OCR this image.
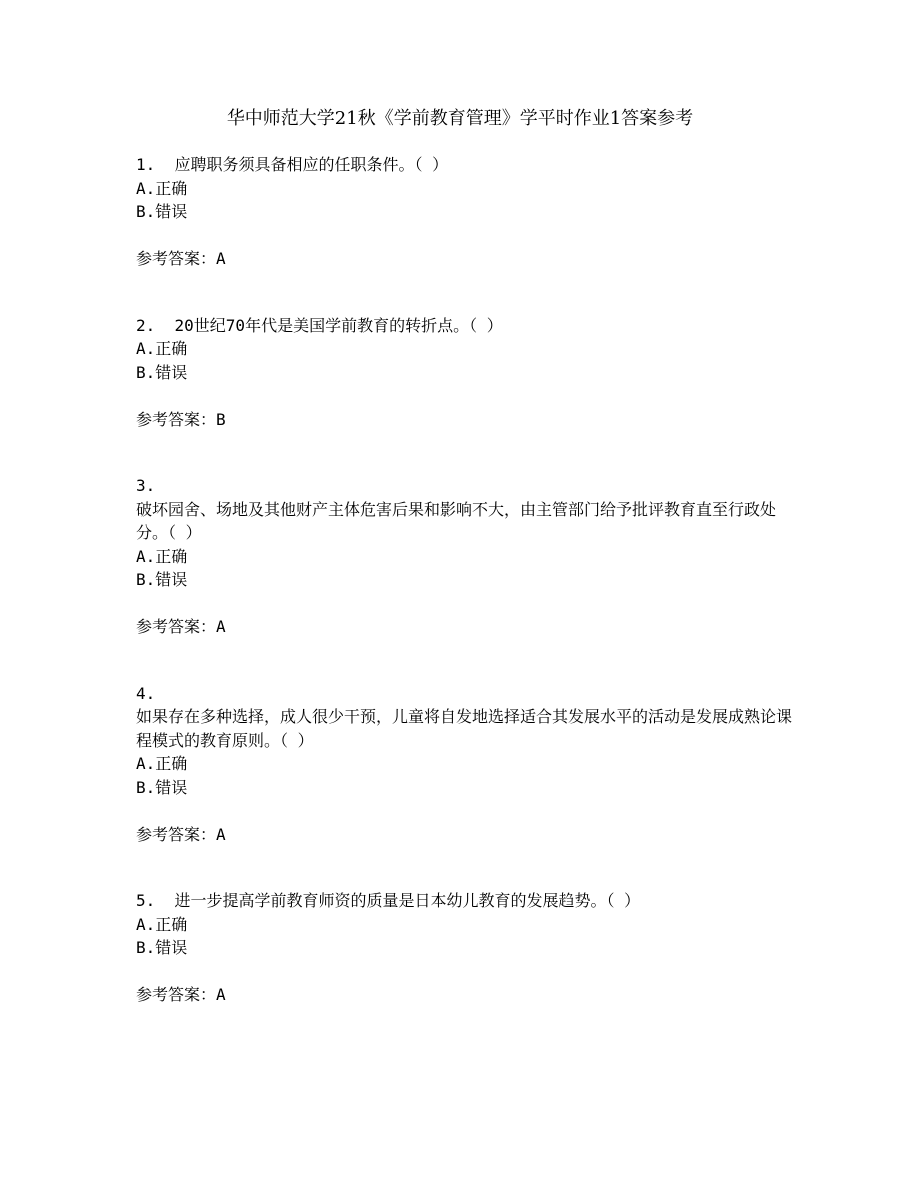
华中师范大学21秋《学前教育管理》学平时作业1答案参考
1. 应聘职务须具备相应的任职条件。（ ）
A.正确
B.错误
参考答案：A
2. 20世纪70年代是美国学前教育的转折点。（ ）
A.正确
B.错误
参考答案：B
3.
破坏园舍、场地及其他财产主体危害后果和影响不大，由主管部门给予批评教育直至行政处分。（ ）
A.正确
B.错误
参考答案：A
4.
如果存在多种选择，成人很少干预，儿童将自发地选择适合其发展水平的活动是发展成熟论课程模式的教育原则。（ ）
A.正确
B.错误
参考答案：A
5. 进一步提高学前教育师资的质量是日本幼儿教育的发展趋势。（ ）
A.正确
B.错误
参考答案：A
